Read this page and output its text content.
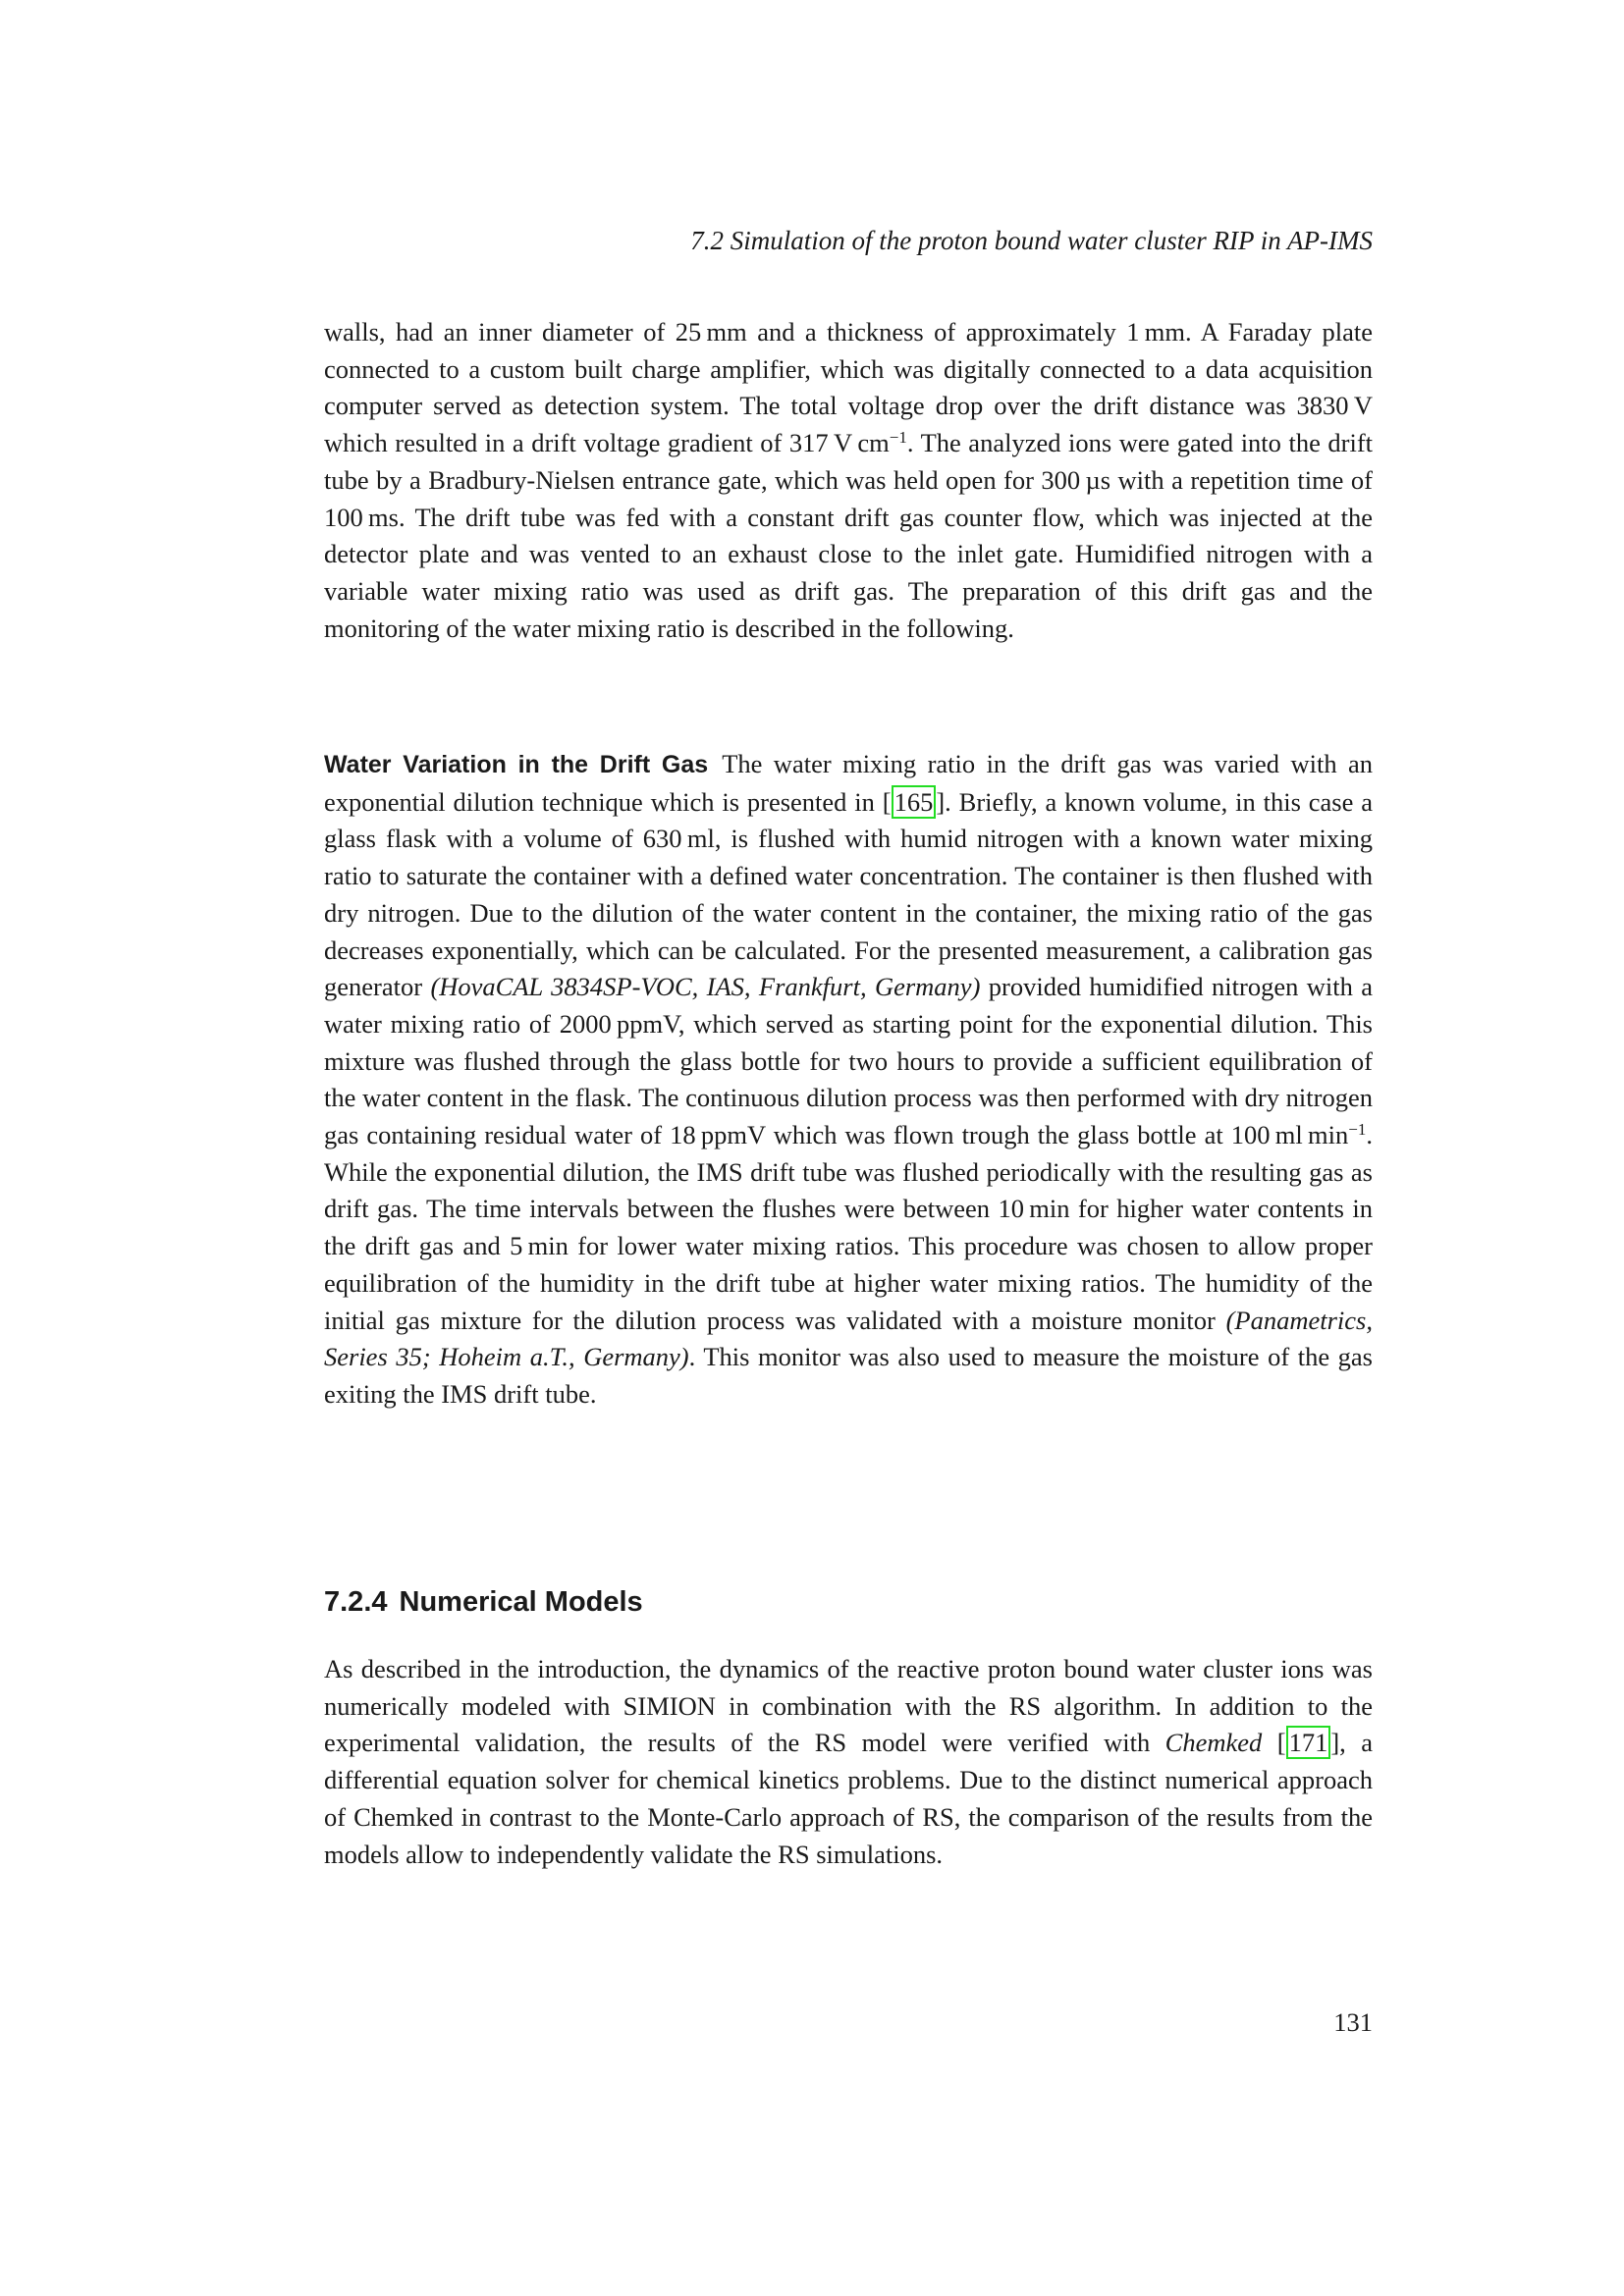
7.2 Simulation of the proton bound water cluster RIP in AP-IMS

walls, had an inner diameter of 25 mm and a thickness of approximately 1 mm. A Faraday plate connected to a custom built charge amplifier, which was digitally connected to a data acquisition computer served as detection system. The total voltage drop over the drift distance was 3830 V which resulted in a drift voltage gradient of 317 V $cm^{-1}$. The analyzed ions were gated into the drift tube by a Bradbury-Nielsen entrance gate, which was held open for 300 µs with a repetition time of 100 ms. The drift tube was fed with a constant drift gas counter flow, which was injected at the detector plate and was vented to an exhaust close to the inlet gate. Humidified nitrogen with a variable water mixing ratio was used as drift gas. The preparation of this drift gas and the monitoring of the water mixing ratio is described in the following.

Water Variation in the Drift Gas The water mixing ratio in the drift gas was varied with an exponential dilution technique which is presented in [ 165 ]. Briefly, a known volume, in this case a glass flask with a volume of 630 ml, is flushed with humid nitrogen with a known water mixing ratio to saturate the container with a defined water concentration. The container is then flushed with dry nitrogen. Due to the dilution of the water content in the container, the mixing ratio of the gas decreases exponentially, which can be calculated. For the presented measurement, a calibration gas generator (HovaCAL 3834SP-VOC, IAS, Frankfurt, Germany) provided humidified nitrogen with a water mixing ratio of 2000 ppmV, which served as starting point for the exponential dilution. This mixture was flushed through the glass bottle for two hours to provide a sufficient equilibration of the water content in the flask. The continuous dilution process was then performed with dry nitrogen gas containing residual water of 18 ppmV which was flown trough the glass bottle at 100 ml $\min^{-1}$. While the exponential dilution, the IMS drift tube was flushed periodically with the resulting gas as drift gas. The time intervals between the flushes were between 10 min for higher water contents in the drift gas and 5 min for lower water mixing ratios. This procedure was chosen to allow proper equilibration of the humidity in the drift tube at higher water mixing ratios. The humidity of the initial gas mixture for the dilution process was validated with a moisture monitor (Panametrics, Series 35; Hoheim a.T., Germany). This monitor was also used to measure the moisture of the gas exiting the IMS drift tube.

7.2.4 Numerical Models

As described in the introduction, the dynamics of the reactive proton bound water cluster ions was numerically modeled with SIMION in combination with the RS algorithm. In addition to the experimental validation, the results of the RS model were verified with Chemked [ 171 ], a differential equation solver for chemical kinetics problems. Due to the distinct numerical approach of Chemked in contrast to the Monte-Carlo approach of RS, the comparison of the results from the models allow to independently validate the RS simulations.

131
